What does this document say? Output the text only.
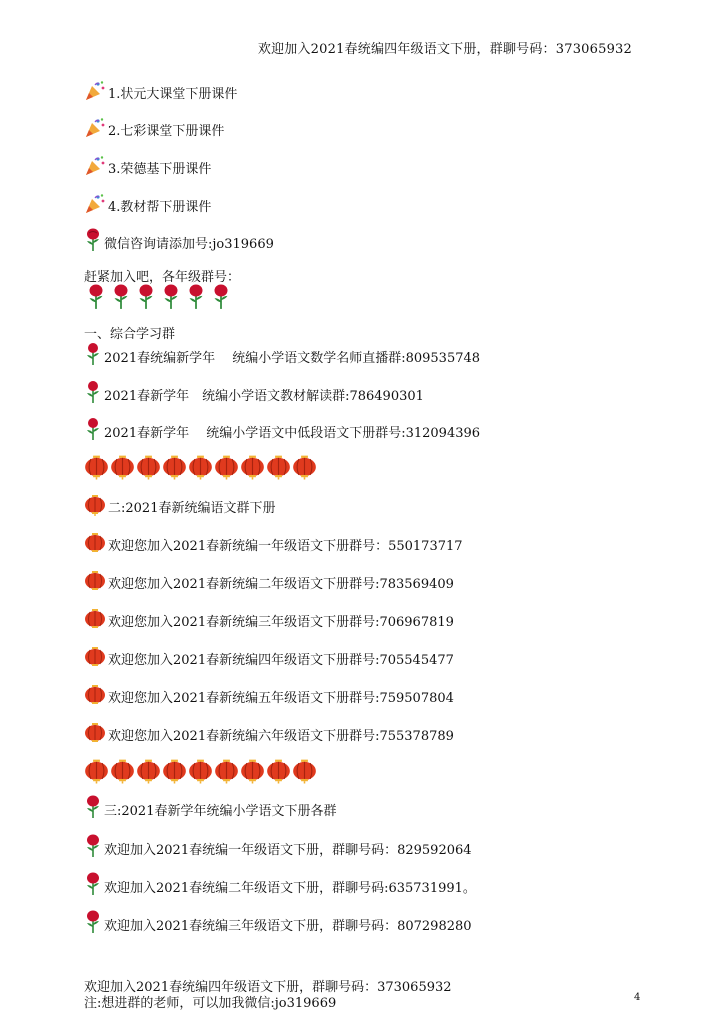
欢迎加入2021春统编四年级语文下册，群聊号码：373065932
1.状元大课堂下册课件
2.七彩课堂下册课件
3.荣德基下册课件
4.教材帮下册课件
微信咨询请添加号:jo319669
赶紧加入吧，各年级群号：
一、综合学习群
2021春统编新学年　 统编小学语文数学名师直播群:809535748
2021春新学年　统编小学语文教材解读群:786490301
2021春新学年　 统编小学语文中低段语文下册群号:312094396
二:2021春新统编语文群下册
欢迎您加入2021春新统编一年级语文下册群号：550173717
欢迎您加入2021春新统编二年级语文下册群号:783569409
欢迎您加入2021春新统编三年级语文下册群号:706967819
欢迎您加入2021春新统编四年级语文下册群号:705545477
欢迎您加入2021春新统编五年级语文下册群号:759507804
欢迎您加入2021春新统编六年级语文下册群号:755378789
三:2021春新学年统编小学语文下册各群
欢迎加入2021春统编一年级语文下册，群聊号码：829592064
欢迎加入2021春统编二年级语文下册，群聊号码:635731991。
欢迎加入2021春统编三年级语文下册，群聊号码：807298280
欢迎加入2021春统编四年级语文下册，群聊号码：373065932
注:想进群的老师，可以加我微信:jo319669	4
